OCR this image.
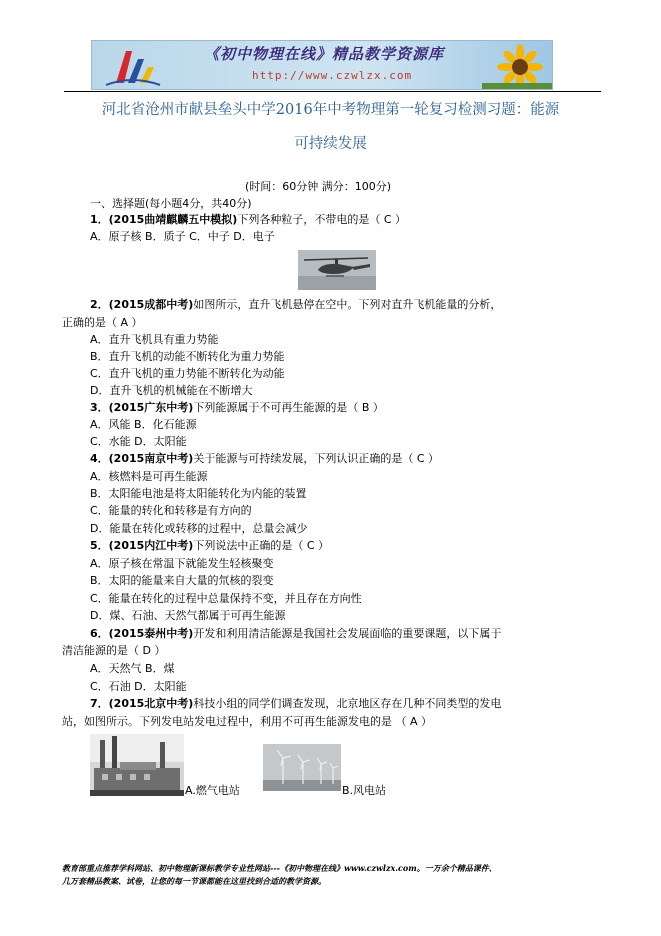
《初中物理在线》精品教学资源库
http://www.czwlzx.com
河北省沧州市献县垒头中学2016年中考物理第一轮复习检测习题：能源
可持续发展
(时间：60分钟 满分：100分)
一、选择题(每小题4分，共40分)
1．(2015曲靖麒麟五中模拟)下列各种粒子，不带电的是（ C ）
A．原子核 B．质子 C．中子 D．电子
2．(2015成都中考)如图所示，直升飞机悬停在空中。下列对直升飞机能量的分析，
正确的是（ A ）
A．直升飞机具有重力势能
B．直升飞机的动能不断转化为重力势能
C．直升飞机的重力势能不断转化为动能
D．直升飞机的机械能在不断增大
3．(2015广东中考)下列能源属于不可再生能源的是（ B ）
A．风能 B．化石能源
C．水能 D．太阳能
4．(2015南京中考)关于能源与可持续发展，下列认识正确的是（ C ）
A．核燃料是可再生能源
B．太阳能电池是将太阳能转化为内能的装置
C．能量的转化和转移是有方向的
D．能量在转化或转移的过程中，总量会减少
5．(2015内江中考)下列说法中正确的是（ C ）
A．原子核在常温下就能发生轻核聚变
B．太阳的能量来自大量的氘核的裂变
C．能量在转化的过程中总量保持不变，并且存在方向性
D．煤、石油、天然气都属于可再生能源
6．(2015泰州中考)开发和利用清洁能源是我国社会发展面临的重要课题，以下属于
清洁能源的是（ D ）
A．天然气 B．煤
C．石油 D．太阳能
7．(2015北京中考)科技小组的同学们调查发现，北京地区存在几种不同类型的发电
站，如图所示。下列发电站发电过程中，利用不可再生能源发电的是 （ A ）
A.燃气电站	B.风电站
教育部重点推荐学科网站、初中物理新课标教学专业性网站---《初中物理在线》www.czwlzx.com。一万余个精品课件、
几万套精品教案、试卷，让您的每一节课都能在这里找到合适的教学资源。
